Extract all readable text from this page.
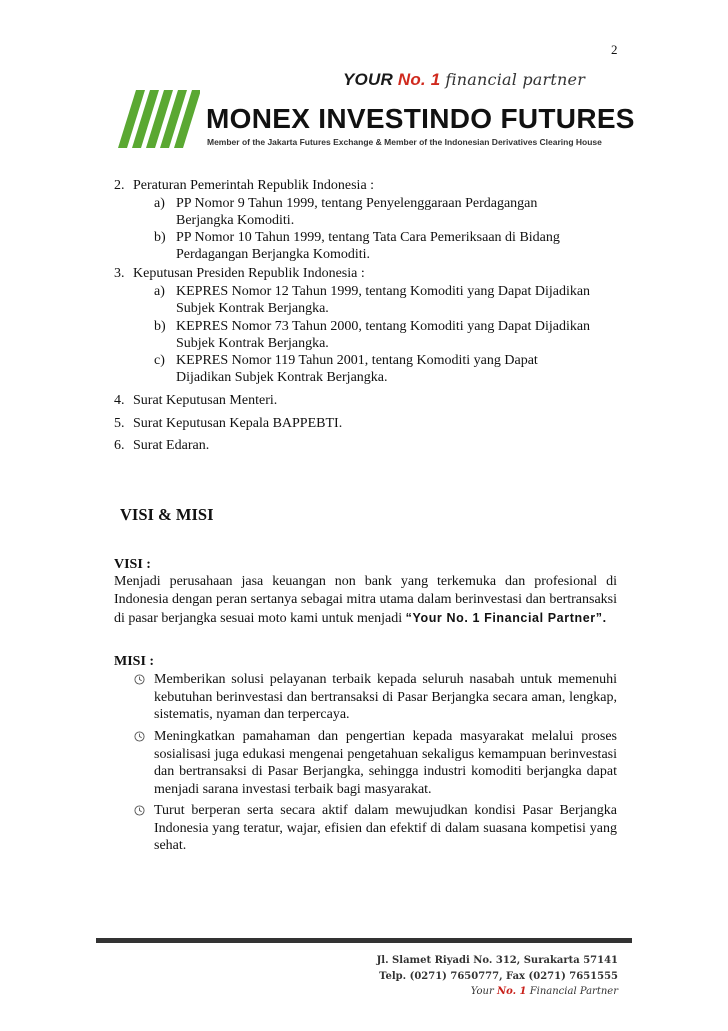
2
YOUR No. 1 financial partner
MONEX INVESTINDO FUTURES
Member of the Jakarta Futures Exchange & Member of the Indonesian Derivatives Clearing House
2. Peraturan Pemerintah Republik Indonesia :
a) PP Nomor 9 Tahun 1999, tentang Penyelenggaraan Perdagangan
Berjangka Komoditi.
b) PP Nomor 10 Tahun 1999, tentang Tata Cara Pemeriksaan di Bidang
Perdagangan Berjangka Komoditi.
3. Keputusan Presiden Republik Indonesia :
a) KEPRES Nomor 12 Tahun 1999, tentang Komoditi yang Dapat Dijadikan
Subjek Kontrak Berjangka.
b) KEPRES Nomor 73 Tahun 2000, tentang Komoditi yang Dapat Dijadikan
Subjek Kontrak Berjangka.
c) KEPRES Nomor 119 Tahun 2001, tentang Komoditi yang Dapat
Dijadikan Subjek Kontrak Berjangka.
4. Surat Keputusan Menteri.
5. Surat Keputusan Kepala BAPPEBTI.
6. Surat Edaran.
VISI & MISI
VISI :
Menjadi perusahaan jasa keuangan non bank yang terkemuka dan profesional di Indonesia dengan peran sertanya sebagai mitra utama dalam berinvestasi dan bertransaksi di pasar berjangka sesuai moto kami untuk menjadi “Your No. 1 Financial Partner”.
MISI :
Memberikan solusi pelayanan terbaik kepada seluruh nasabah untuk memenuhi kebutuhan berinvestasi dan bertransaksi di Pasar Berjangka secara aman, lengkap, sistematis, nyaman dan terpercaya.
Meningkatkan pamahaman dan pengertian kepada masyarakat melalui proses sosialisasi juga edukasi mengenai pengetahuan sekaligus kemampuan berinvestasi dan bertransaksi di Pasar Berjangka, sehingga industri komoditi berjangka dapat menjadi sarana investasi terbaik bagi masyarakat.
Turut berperan serta secara aktif dalam mewujudkan kondisi Pasar Berjangka Indonesia yang teratur, wajar, efisien dan efektif di dalam suasana kompetisi yang sehat.
Jl. Slamet Riyadi No. 312, Surakarta 57141
Telp. (0271) 7650777, Fax (0271) 7651555
Your No. 1 Financial Partner
